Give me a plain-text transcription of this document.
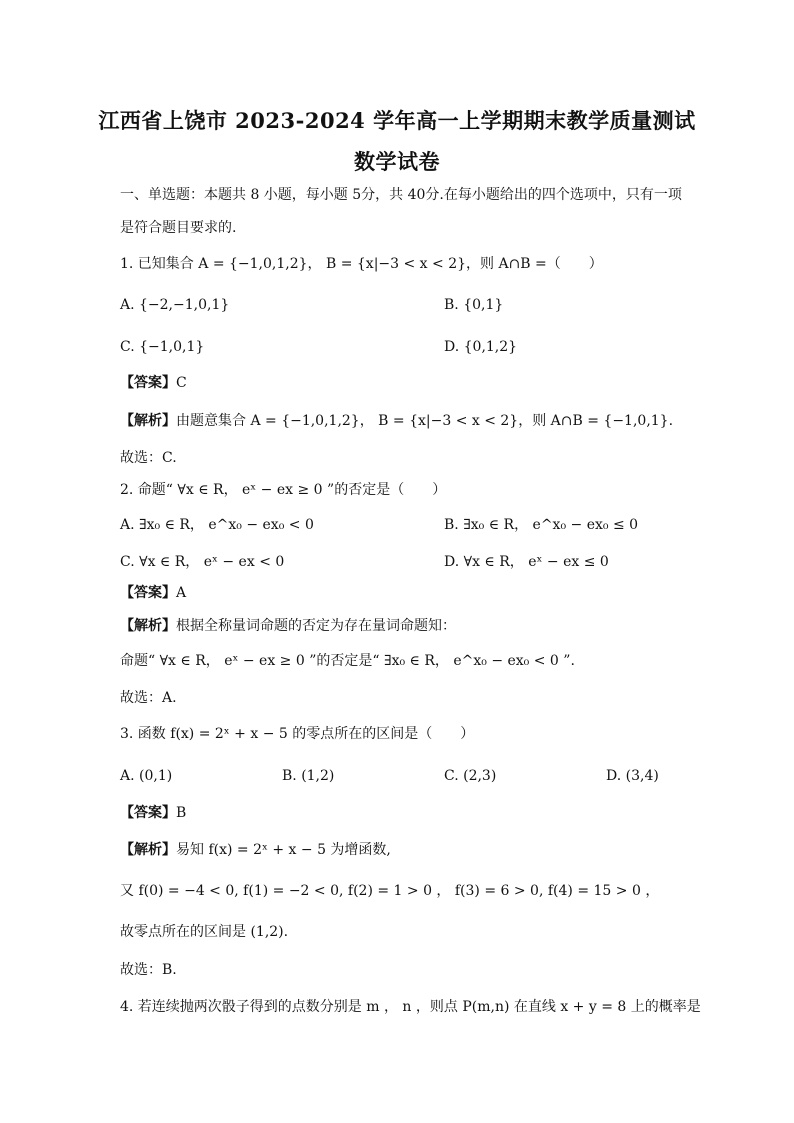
江西省上饶市 2023-2024 学年高一上学期期末教学质量测试
数学试卷
一、单选题：本题共 8 小题，每小题 5分，共 40分.在每小题给出的四个选项中，只有一项
是符合题目要求的.
1. 已知集合 A = {−1,0,1,2}， B = {x|−3 < x < 2}，则 A∩B =（　　）
A. {−2,−1,0,1}	B. {0,1}
C. {−1,0,1}	D. {0,1,2}
【答案】C
【解析】由题意集合 A = {−1,0,1,2}， B = {x|−3 < x < 2}，则 A∩B = {−1,0,1}.
故选：C.
2. 命题“ ∀x ∈ R， eˣ − ex ≥ 0 ”的否定是（　　）
A. ∃x₀ ∈ R， e^x₀ − ex₀ < 0	B. ∃x₀ ∈ R， e^x₀ − ex₀ ≤ 0
C. ∀x ∈ R， eˣ − ex < 0	D. ∀x ∈ R， eˣ − ex ≤ 0
【答案】A
【解析】根据全称量词命题的否定为存在量词命题知：
命题“ ∀x ∈ R， eˣ − ex ≥ 0 ”的否定是“ ∃x₀ ∈ R， e^x₀ − ex₀ < 0 ”.
故选：A.
3. 函数 f(x) = 2ˣ + x − 5 的零点所在的区间是（　　）
A. (0,1)	B. (1,2)	C. (2,3)	D. (3,4)
【答案】B
【解析】易知 f(x) = 2ˣ + x − 5 为增函数,
又 f(0) = −4 < 0, f(1) = −2 < 0, f(2) = 1 > 0 ， f(3) = 6 > 0, f(4) = 15 > 0 ，
故零点所在的区间是 (1,2).
故选：B.
4. 若连续抛两次骰子得到的点数分别是 m ， n ，则点 P(m,n) 在直线 x + y = 8 上的概率是
